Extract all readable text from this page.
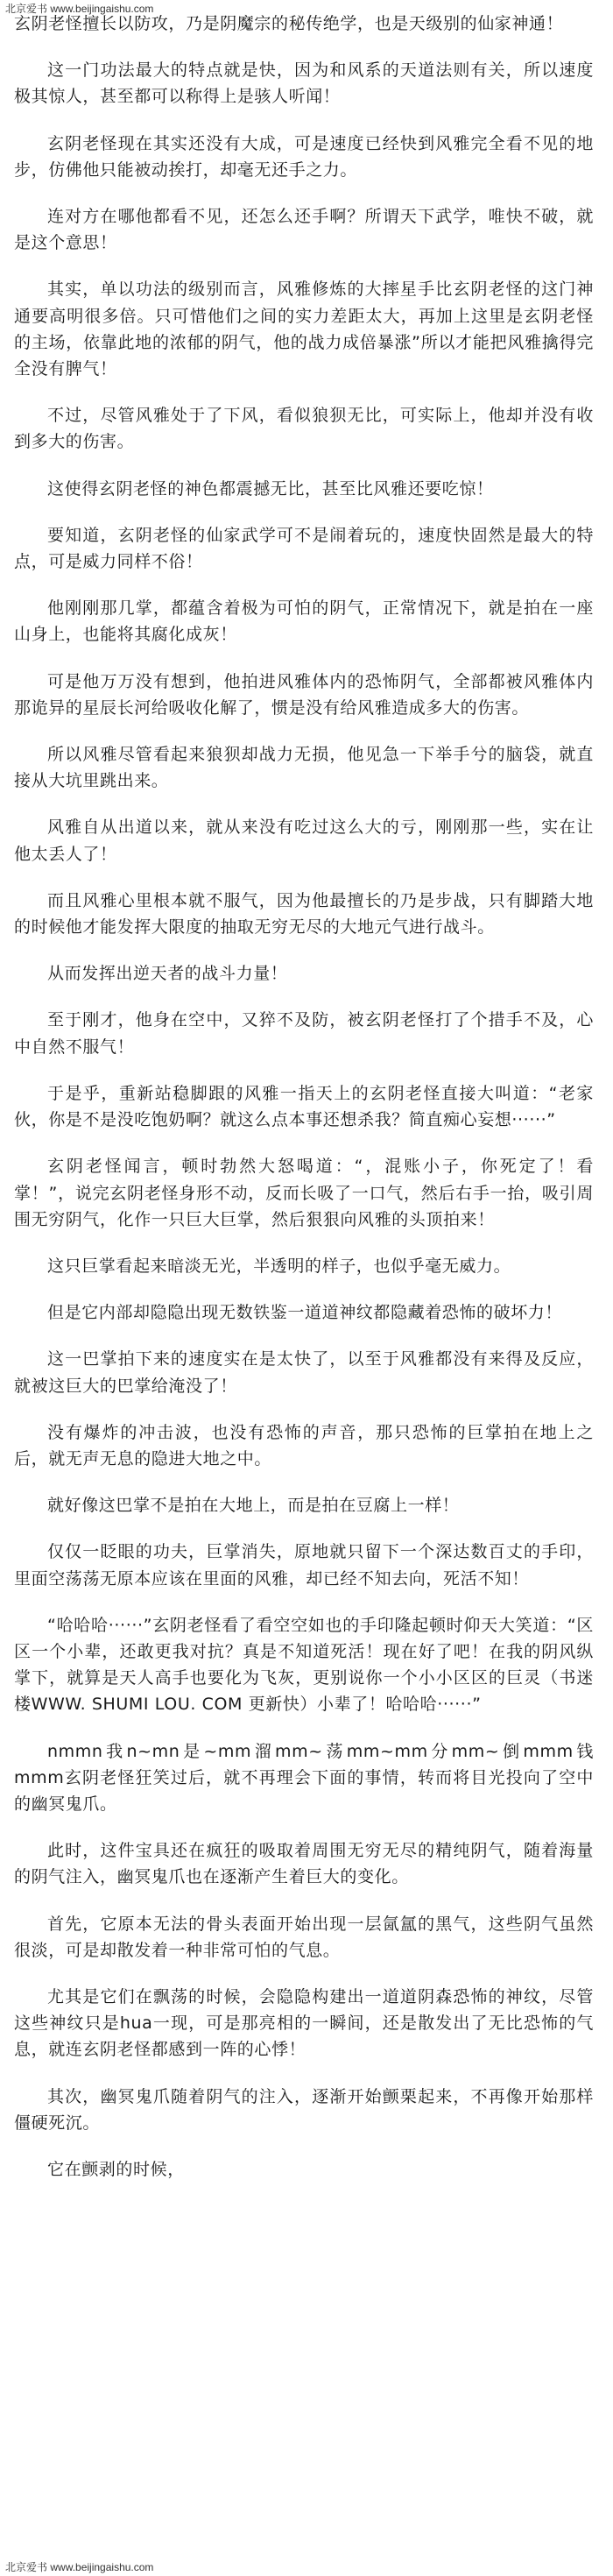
北京爱书 www.beijingaishu.com

玄阴老怪擅长以防攻，乃是阴魔宗的秘传绝学，也是天级别的仙家神通！

这一门功法最大的特点就是快，因为和风系的天道法则有关，所以速度极其惊人，甚至都可以称得上是骇人听闻！

玄阴老怪现在其实还没有大成，可是速度已经快到风雅完全看不见的地步，仿佛他只能被动挨打，却毫无还手之力。

连对方在哪他都看不见，还怎么还手啊？所谓天下武学，唯快不破，就是这个意思！

其实，单以功法的级别而言，风雅修炼的大摔星手比玄阴老怪的这门神通要高明很多倍。只可惜他们之间的实力差距太大，再加上这里是玄阴老怪的主场，依靠此地的浓郁的阴气，他的战力成倍暴涨”所以才能把风雅擒得完全没有脾气！

不过，尽管风雅处于了下风，看似狼狈无比，可实际上，他却并没有收到多大的伤害。

这使得玄阴老怪的神色都震撼无比，甚至比风雅还要吃惊！

要知道，玄阴老怪的仙家武学可不是闹着玩的，速度快固然是最大的特点，可是威力同样不俗！

他刚刚那几掌，都蕴含着极为可怕的阴气，正常情况下，就是拍在一座山身上，也能将其腐化成灰！

可是他万万没有想到，他拍进风雅体内的恐怖阴气，全部都被风雅体内那诡异的星辰长河给吸收化解了，惯是没有给风雅造成多大的伤害。

所以风雅尽管看起来狼狈却战力无损，他见急一下举手兮的脑袋，就直接从大坑里跳出来。

风雅自从出道以来，就从来没有吃过这么大的亏，刚刚那一些，实在让他太丢人了！

而且风雅心里根本就不服气，因为他最擅长的乃是步战，只有脚踏大地的时候他才能发挥大限度的抽取无穷无尽的大地元气进行战斗。

从而发挥出逆天者的战斗力量！

至于刚才，他身在空中，又猝不及防，被玄阴老怪打了个措手不及，心中自然不服气！

于是乎，重新站稳脚跟的风雅一指天上的玄阴老怪直接大叫道：“老家伙，你是不是没吃饱奶啊？就这么点本事还想杀我？简直痴心妄想······”

玄阴老怪闻言，顿时勃然大怒喝道：“，混账小子，你死定了！看掌！”，说完玄阴老怪身形不动，反而长吸了一口气，然后右手一抬，吸引周围无穷阴气，化作一只巨大巨掌，然后狠狠向风雅的头顶拍来！

这只巨掌看起来暗淡无光，半透明的样子，也似乎毫无威力。

但是它内部却隐隐出现无数铁鉴一道道神纹都隐藏着恐怖的破坏力！

这一巴掌拍下来的速度实在是太快了，以至于风雅都没有来得及反应，就被这巨大的巴掌给淹没了！

没有爆炸的冲击波，也没有恐怖的声音，那只恐怖的巨掌拍在地上之后，就无声无息的隐进大地之中。

就好像这巴掌不是拍在大地上，而是拍在豆腐上一样！

仅仅一眨眼的功夫，巨掌消失，原地就只留下一个深达数百丈的手印，里面空荡荡无原本应该在里面的风雅，却已经不知去向，死活不知！

“哈哈哈······”玄阴老怪看了看空空如也的手印隆起顿时仰天大笑道：“区区一个小辈，还敢更我对抗？真是不知道死活！现在好了吧！在我的阴风纵掌下，就算是天人高手也要化为飞灰，更别说你一个小小区区的巨灵（书迷楼WWW. SHUMI LOU. COM 更新快）小辈了！哈哈哈······”

nmmn我n~mn是~mm溜mm~荡mm~mm分mm~倒mmm钱mmm玄阴老怪狂笑过后，就不再理会下面的事情，转而将目光投向了空中的幽冥鬼爪。

此时，这件宝具还在疯狂的吸取着周围无穷无尽的精纯阴气，随着海量的阴气注入，幽冥鬼爪也在逐渐产生着巨大的变化。

首先，它原本无法的骨头表面开始出现一层氤氲的黑气，这些阴气虽然很淡，可是却散发着一种非常可怕的气息。

尤其是它们在飘荡的时候，会隐隐构建出一道道阴森恐怖的神纹，尽管这些神纹只是hua一现，可是那亮相的一瞬间，还是散发出了无比恐怖的气息，就连玄阴老怪都感到一阵的心悸！

其次，幽冥鬼爪随着阴气的注入，逐渐开始颤栗起来，不再像开始那样僵硬死沉。

它在颤剥的时候，

北京爱书 www.beijingaishu.com
